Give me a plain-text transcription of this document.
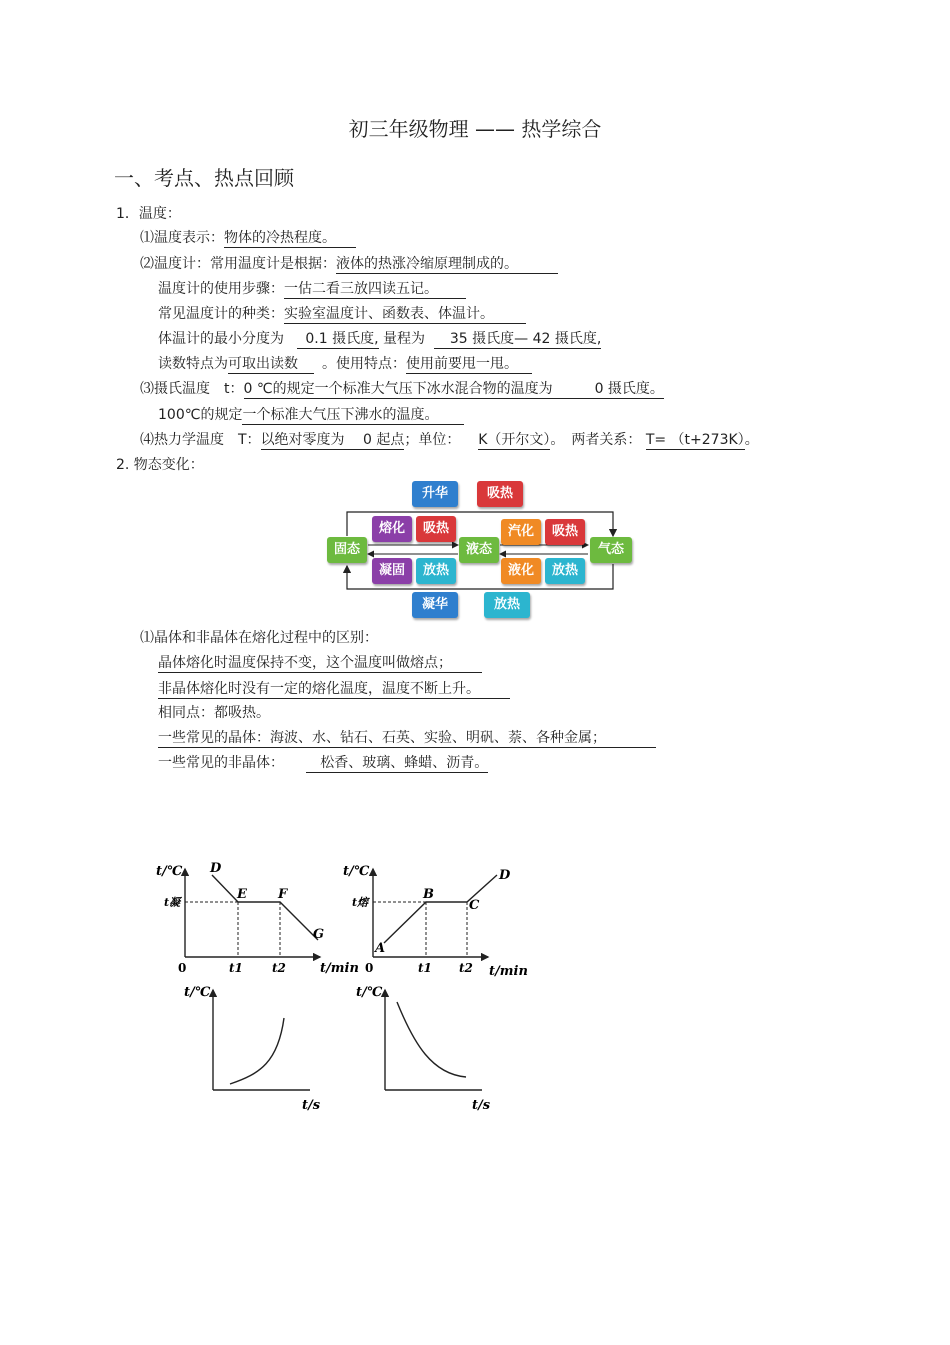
初三年级物理 —— 热学综合
一、考点、热点回顾
1．温度：
⑴温度表示：物体的冷热程度。
⑵温度计：常用温度计是根据：液体的热涨冷缩原理制成的。
温度计的使用步骤：一估二看三放四读五记。
常见温度计的种类：实验室温度计、函数表、体温计。
体温计的最小分度为 0.1 摄氏度, 量程为 35 摄氏度— 42 摄氏度,
读数特点为可取出读数 。使用特点：使用前要甩一甩。
⑶摄氏温度　t：0 ℃的规定一个标准大气压下冰水混合物的温度为　　　0 摄氏度。
100℃的规定一个标准大气压下沸水的温度。
⑷热力学温度　T：以绝对零度为　 0 起点；单位： K（开尔文）。　两者关系： T= （t+273K）。
2. 物态变化：
升华	吸热
固态	液态	气态
熔化	吸热
凝固	放热
汽化	吸热
液化	放热
凝华	放热
⑴晶体和非晶体在熔化过程中的区别：
晶体熔化时温度保持不变，这个温度叫做熔点；
非晶体熔化时没有一定的熔化温度，温度不断上升。
相同点：都吸热。
一些常见的晶体：海波、水、钻石、石英、实验、明矾、萘、各种金属；
一些常见的非晶体：     　松香、玻璃、蜂蜡、沥青。
t/℃
t凝
0	t1 t2	t/min
D
E F
G
t/℃
t熔
0	t1 t2 t/min
A
B
C
D
t/℃
t/s
t/℃
t/s
